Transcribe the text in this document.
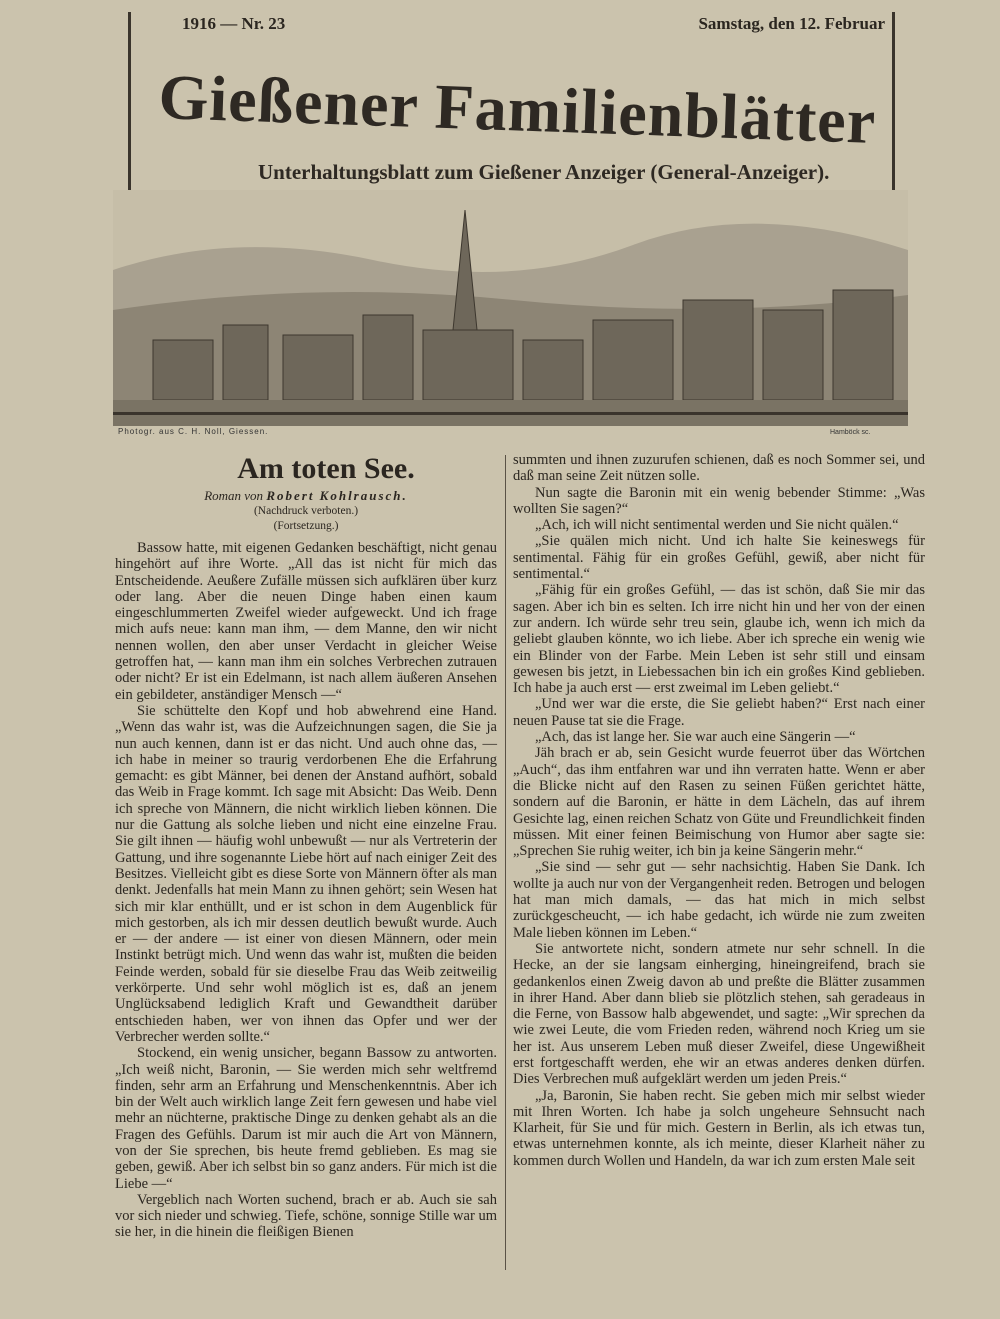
1916 — Nr. 23	Samstag, den 12. Februar
Photogr. aus C. H. Noll, Giessen.	Hamböck sc.
Gießener Familienblätter
Unterhaltungsblatt zum Gießener Anzeiger (General-Anzeiger).
Am toten See.
Roman von Robert Kohlrausch.
(Nachdruck verboten.)
(Fortsetzung.)

Bassow hatte, mit eigenen Gedanken beschäftigt, nicht genau hingehört auf ihre Worte. „All das ist nicht für mich das Entscheidende. Aeußere Zufälle müssen sich aufklären über kurz oder lang. Aber die neuen Dinge haben einen kaum eingeschlummerten Zweifel wieder aufgeweckt. Und ich frage mich aufs neue: kann man ihm, — dem Manne, den wir nicht nennen wollen, den aber unser Verdacht in gleicher Weise getroffen hat, — kann man ihm ein solches Verbrechen zutrauen oder nicht? Er ist ein Edelmann, ist nach allem äußeren Ansehen ein gebildeter, anständiger Mensch —“

Sie schüttelte den Kopf und hob abwehrend eine Hand. „Wenn das wahr ist, was die Aufzeichnungen sagen, die Sie ja nun auch kennen, dann ist er das nicht. Und auch ohne das, — ich habe in meiner so traurig verdorbenen Ehe die Erfahrung gemacht: es gibt Männer, bei denen der Anstand aufhört, sobald das Weib in Frage kommt. Ich sage mit Absicht: Das Weib. Denn ich spreche von Männern, die nicht wirklich lieben können. Die nur die Gattung als solche lieben und nicht eine einzelne Frau. Sie gilt ihnen — häufig wohl unbewußt — nur als Vertreterin der Gattung, und ihre sogenannte Liebe hört auf nach einiger Zeit des Besitzes. Vielleicht gibt es diese Sorte von Männern öfter als man denkt. Jedenfalls hat mein Mann zu ihnen gehört; sein Wesen hat sich mir klar enthüllt, und er ist schon in dem Augenblick für mich gestorben, als ich mir dessen deutlich bewußt wurde. Auch er — der andere — ist einer von diesen Männern, oder mein Instinkt betrügt mich. Und wenn das wahr ist, mußten die beiden Feinde werden, sobald für sie dieselbe Frau das Weib zeitweilig verkörperte. Und sehr wohl möglich ist es, daß an jenem Unglücksabend lediglich Kraft und Gewandtheit darüber entschieden haben, wer von ihnen das Opfer und wer der Verbrecher werden sollte.“

Stockend, ein wenig unsicher, begann Bassow zu antworten. „Ich weiß nicht, Baronin, — Sie werden mich sehr weltfremd finden, sehr arm an Erfahrung und Menschenkenntnis. Aber ich bin der Welt auch wirklich lange Zeit fern gewesen und habe viel mehr an nüchterne, praktische Dinge zu denken gehabt als an die Fragen des Gefühls. Darum ist mir auch die Art von Männern, von der Sie sprechen, bis heute fremd geblieben. Es mag sie geben, gewiß. Aber ich selbst bin so ganz anders. Für mich ist die Liebe —“

Vergeblich nach Worten suchend, brach er ab. Auch sie sah vor sich nieder und schwieg. Tiefe, schöne, sonnige Stille war um sie her, in die hinein die fleißigen Bienen

summten und ihnen zuzurufen schienen, daß es noch Sommer sei, und daß man seine Zeit nützen solle.

Nun sagte die Baronin mit ein wenig bebender Stimme: „Was wollten Sie sagen?“

„Ach, ich will nicht sentimental werden und Sie nicht quälen.“

„Sie quälen mich nicht. Und ich halte Sie keineswegs für sentimental. Fähig für ein großes Gefühl, gewiß, aber nicht für sentimental.“

„Fähig für ein großes Gefühl, — das ist schön, daß Sie mir das sagen. Aber ich bin es selten. Ich irre nicht hin und her von der einen zur andern. Ich würde sehr treu sein, glaube ich, wenn ich mich da geliebt glauben könnte, wo ich liebe. Aber ich spreche ein wenig wie ein Blinder von der Farbe. Mein Leben ist sehr still und einsam gewesen bis jetzt, in Liebessachen bin ich ein großes Kind geblieben. Ich habe ja auch erst — erst zweimal im Leben geliebt.“

„Und wer war die erste, die Sie geliebt haben?“ Erst nach einer neuen Pause tat sie die Frage.

„Ach, das ist lange her. Sie war auch eine Sängerin —“

Jäh brach er ab, sein Gesicht wurde feuerrot über das Wörtchen „Auch“, das ihm entfahren war und ihn verraten hatte. Wenn er aber die Blicke nicht auf den Rasen zu seinen Füßen gerichtet hätte, sondern auf die Baronin, er hätte in dem Lächeln, das auf ihrem Gesichte lag, einen reichen Schatz von Güte und Freundlichkeit finden müssen. Mit einer feinen Beimischung von Humor aber sagte sie: „Sprechen Sie ruhig weiter, ich bin ja keine Sängerin mehr.“

„Sie sind — sehr gut — sehr nachsichtig. Haben Sie Dank. Ich wollte ja auch nur von der Vergangenheit reden. Betrogen und belogen hat man mich damals, — das hat mich in mich selbst zurückgescheucht, — ich habe gedacht, ich würde nie zum zweiten Male lieben können im Leben.“

Sie antwortete nicht, sondern atmete nur sehr schnell. In die Hecke, an der sie langsam einherging, hineingreifend, brach sie gedankenlos einen Zweig davon ab und preßte die Blätter zusammen in ihrer Hand. Aber dann blieb sie plötzlich stehen, sah geradeaus in die Ferne, von Bassow halb abgewendet, und sagte: „Wir sprechen da wie zwei Leute, die vom Frieden reden, während noch Krieg um sie her ist. Aus unserem Leben muß dieser Zweifel, diese Ungewißheit erst fortgeschafft werden, ehe wir an etwas anderes denken dürfen. Dies Verbrechen muß aufgeklärt werden um jeden Preis.“

„Ja, Baronin, Sie haben recht. Sie geben mich mir selbst wieder mit Ihren Worten. Ich habe ja solch ungeheure Sehnsucht nach Klarheit, für Sie und für mich. Gestern in Berlin, als ich etwas tun, etwas unternehmen konnte, als ich meinte, dieser Klarheit näher zu kommen durch Wollen und Handeln, da war ich zum ersten Male seit
